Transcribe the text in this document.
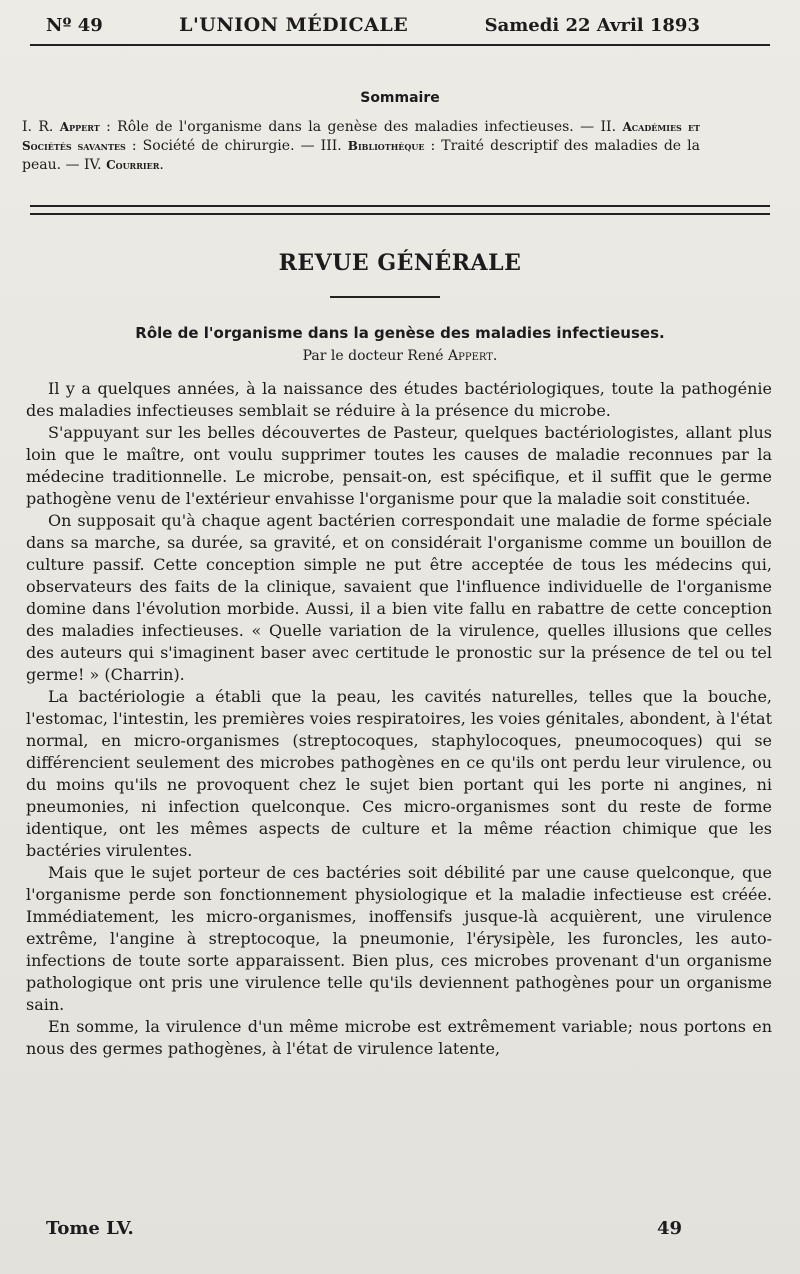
Nº 49	L'UNION MÉDICALE	Samedi 22 Avril 1893
Sommaire
I. R. Appert : Rôle de l'organisme dans la genèse des maladies infectieuses. — II. Académies et Sociétés savantes : Société de chirurgie. — III. Bibliothèque : Traité descriptif des maladies de la peau. — IV. Courrier.
REVUE GÉNÉRALE
Rôle de l'organisme dans la genèse des maladies infectieuses.
Par le docteur René Appert.

Il y a quelques années, à la naissance des études bactériologiques, toute la pathogénie des maladies infectieuses semblait se réduire à la présence du microbe.

S'appuyant sur les belles découvertes de Pasteur, quelques bactériologistes, allant plus loin que le maître, ont voulu supprimer toutes les causes de maladie reconnues par la médecine traditionnelle. Le microbe, pensait-on, est spécifique, et il suffit que le germe pathogène venu de l'extérieur envahisse l'organisme pour que la maladie soit constituée.

On supposait qu'à chaque agent bactérien correspondait une maladie de forme spéciale dans sa marche, sa durée, sa gravité, et on considérait l'organisme comme un bouillon de culture passif. Cette conception simple ne put être acceptée de tous les médecins qui, observateurs des faits de la clinique, savaient que l'influence individuelle de l'organisme domine dans l'évolution morbide. Aussi, il a bien vite fallu en rabattre de cette conception des maladies infectieuses. « Quelle variation de la virulence, quelles illusions que celles des auteurs qui s'imaginent baser avec certitude le pronostic sur la présence de tel ou tel germe! » (Charrin).

La bactériologie a établi que la peau, les cavités naturelles, telles que la bouche, l'estomac, l'intestin, les premières voies respiratoires, les voies génitales, abondent, à l'état normal, en micro-organismes (streptocoques, staphylocoques, pneumocoques) qui se différencient seulement des microbes pathogènes en ce qu'ils ont perdu leur virulence, ou du moins qu'ils ne provoquent chez le sujet bien portant qui les porte ni angines, ni pneumonies, ni infection quelconque. Ces micro-organismes sont du reste de forme identique, ont les mêmes aspects de culture et la même réaction chimique que les bactéries virulentes.

Mais que le sujet porteur de ces bactéries soit débilité par une cause quelconque, que l'organisme perde son fonctionnement physiologique et la maladie infectieuse est créée. Immédiatement, les micro-organismes, inoffensifs jusque-là acquièrent, une virulence extrême, l'angine à streptocoque, la pneumonie, l'érysipèle, les furoncles, les auto-infections de toute sorte apparaissent. Bien plus, ces microbes provenant d'un organisme pathologique ont pris une virulence telle qu'ils deviennent pathogènes pour un organisme sain.

En somme, la virulence d'un même microbe est extrêmement variable; nous portons en nous des germes pathogènes, à l'état de virulence latente,

Tome LV.	49
